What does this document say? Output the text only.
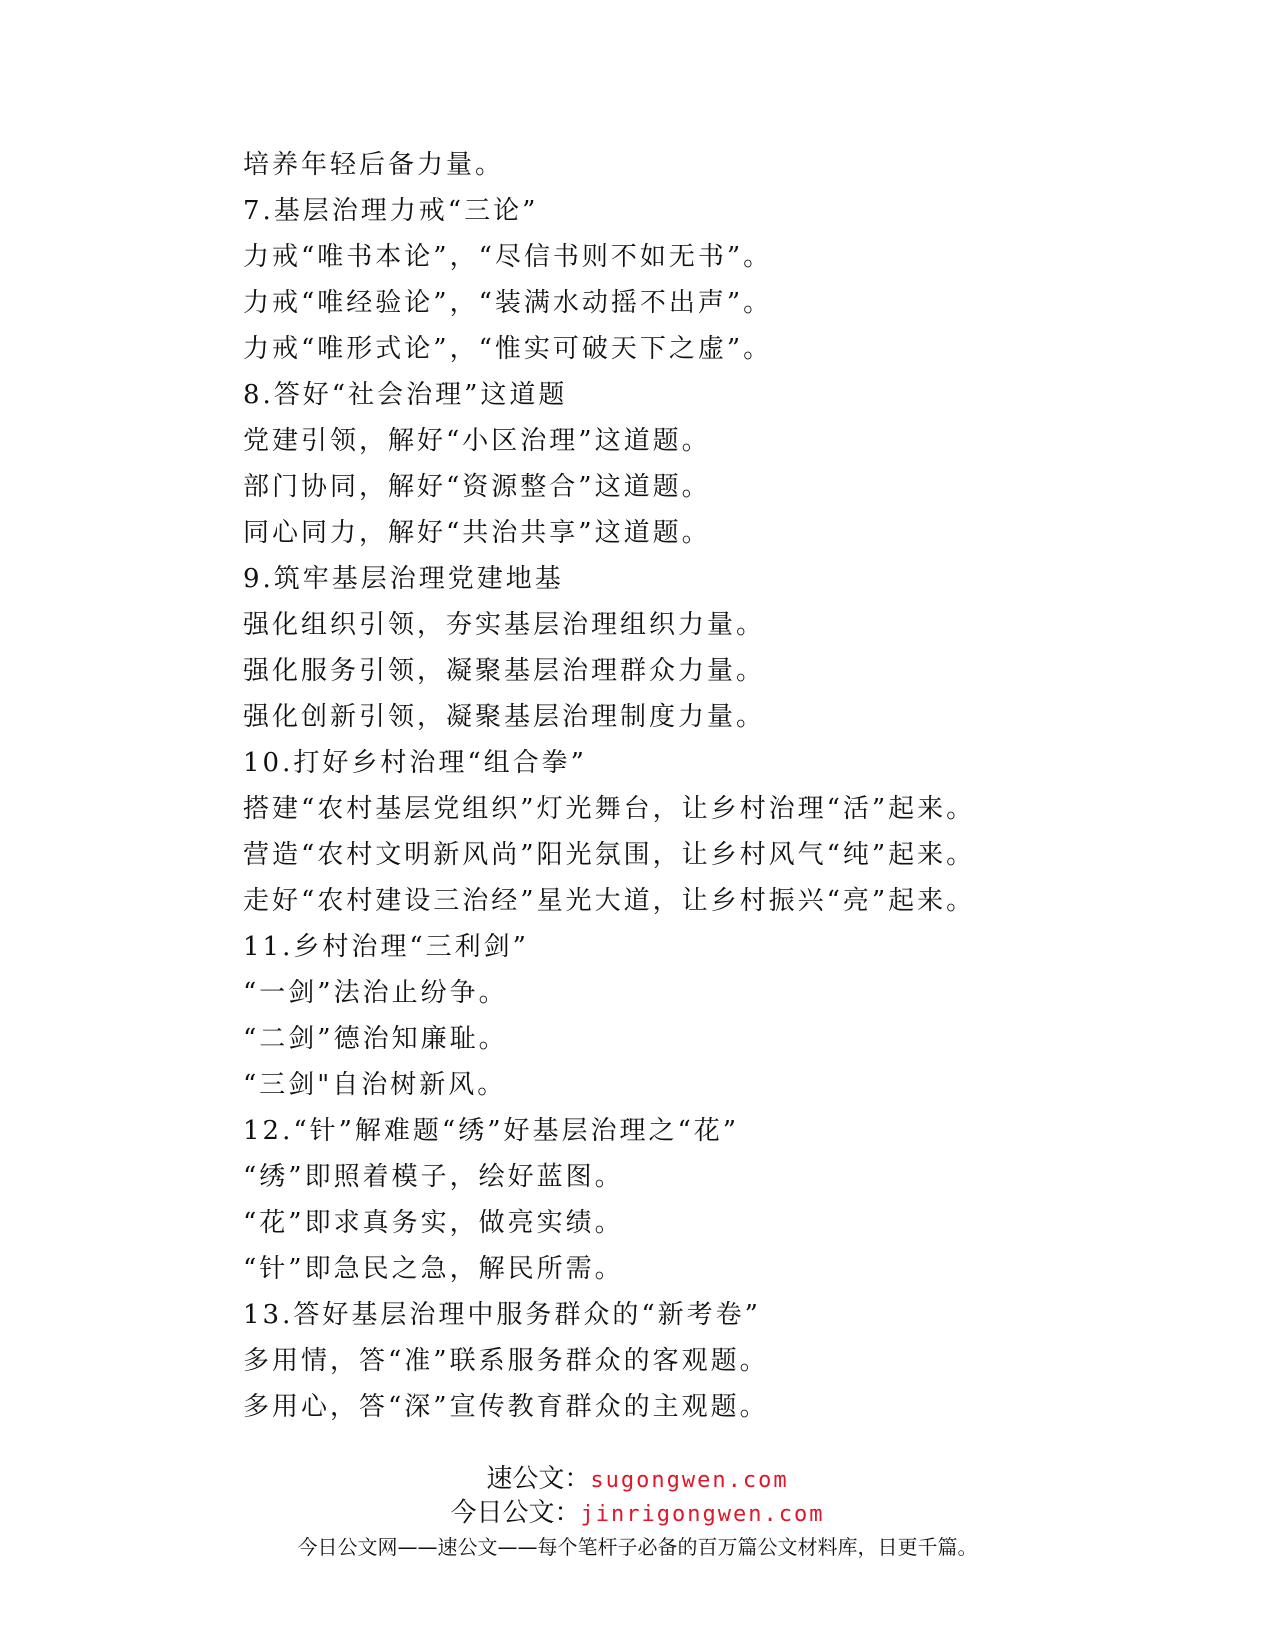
培养年轻后备力量。
7.基层治理力戒“三论”
力戒“唯书本论”，“尽信书则不如无书”。
力戒“唯经验论”，“装满水动摇不出声”。
力戒“唯形式论”，“惟实可破天下之虚”。
8.答好“社会治理”这道题
党建引领，解好“小区治理”这道题。
部门协同，解好“资源整合”这道题。
同心同力，解好“共治共享”这道题。
9.筑牢基层治理党建地基
强化组织引领，夯实基层治理组织力量。
强化服务引领，凝聚基层治理群众力量。
强化创新引领，凝聚基层治理制度力量。
10.打好乡村治理“组合拳”
搭建“农村基层党组织”灯光舞台，让乡村治理“活”起来。
营造“农村文明新风尚”阳光氛围，让乡村风气“纯”起来。
走好“农村建设三治经”星光大道，让乡村振兴“亮”起来。
11.乡村治理“三利剑”
“一剑”法治止纷争。
“二剑”德治知廉耻。
“三剑"自治树新风。
12.“针”解难题“绣”好基层治理之“花”
“绣”即照着模子，绘好蓝图。
“花”即求真务实，做亮实绩。
“针”即急民之急，解民所需。
13.答好基层治理中服务群众的“新考卷”
多用情，答“准”联系服务群众的客观题。
多用心，答“深”宣传教育群众的主观题。
速公文：sugongwen.com
今日公文：jinrigongwen.com
今日公文网——速公文——每个笔杆子必备的百万篇公文材料库，日更千篇。
